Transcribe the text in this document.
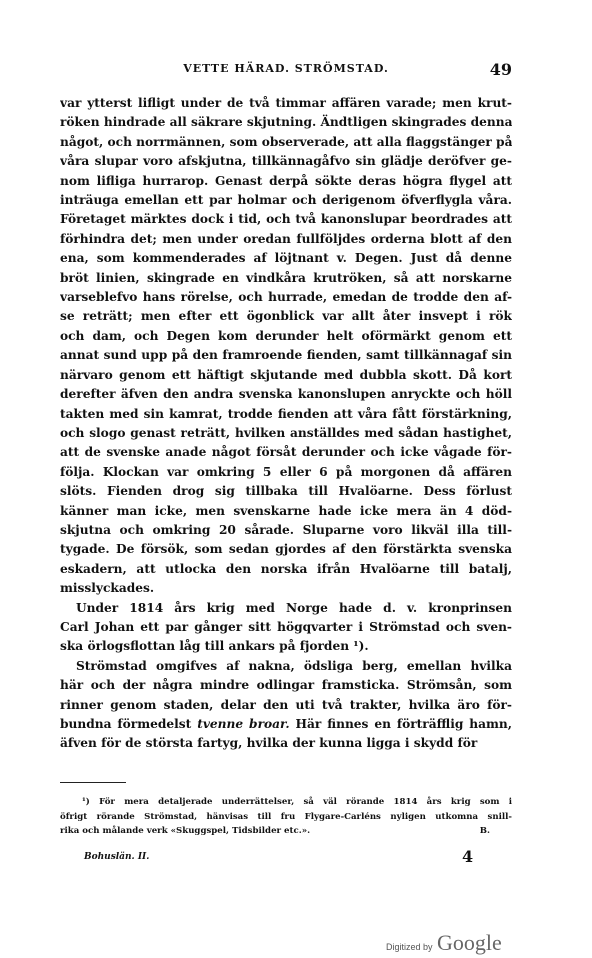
VETTE HÄRAD. STRÖMSTAD.	49
var ytterst lifligt under de två timmar affären varade; men krut-
röken hindrade all säkrare skjutning. Ändtligen skingrades denna
något, och norrmännen, som observerade, att alla flaggstänger på
våra slupar voro afskjutna, tillkännagåfvo sin glädje deröfver ge-
nom lifliga hurrarop. Genast derpå sökte deras högra flygel att
inträuga emellan ett par holmar och derigenom öfverflygla våra.
Företaget märktes dock i tid, och två kanonslupar beordrades att
förhindra det; men under oredan fullföljdes orderna blott af den
ena, som kommenderades af löjtnant v. Degen. Just då denne
bröt linien, skingrade en vindkåra krutröken, så att norskarne
varseblefvo hans rörelse, och hurrade, emedan de trodde den af-
se reträtt; men efter ett ögonblick var allt åter insvept i rök
och dam, och Degen kom derunder helt oförmärkt genom ett
annat sund upp på den framroende fienden, samt tillkännagaf sin
närvaro genom ett häftigt skjutande med dubbla skott. Då kort
derefter äfven den andra svenska kanonslupen anryckte och höll
takten med sin kamrat, trodde fienden att våra fått förstärkning,
och slogo genast reträtt, hvilken anställdes med sådan hastighet,
att de svenske anade något försåt derunder och icke vågade för-
följa. Klockan var omkring 5 eller 6 på morgonen då affären
slöts. Fienden drog sig tillbaka till Hvalöarne. Dess förlust
känner man icke, men svenskarne hade icke mera än 4 död-
skjutna och omkring 20 sårade. Sluparne voro likväl illa till-
tygade. De försök, som sedan gjordes af den förstärkta svenska
eskadern, att utlocka den norska ifrån Hvalöarne till batalj,
misslyckades.
Under 1814 års krig med Norge hade d. v. kronprinsen
Carl Johan ett par gånger sitt högqvarter i Strömstad och sven-
ska örlogsflottan låg till ankars på fjorden ¹).
Strömstad omgifves af nakna, ödsliga berg, emellan hvilka
här och der några mindre odlingar framsticka. Strömsån, som
rinner genom staden, delar den uti två trakter, hvilka äro för-
bundna förmedelst tvenne broar. Här finnes en förträfflig hamn,
äfven för de största fartyg, hvilka der kunna ligga i skydd för
¹) För mera detaljerade underrättelser, så väl rörande 1814 års krig som i
öfrigt rörande Strömstad, hänvisas till fru Flygare-Carléns nyligen utkomna snill-
rika och målande verk «Skuggspel, Tidsbilder etc.».	B.
Bohuslän. II.	4
Digitized by Google
